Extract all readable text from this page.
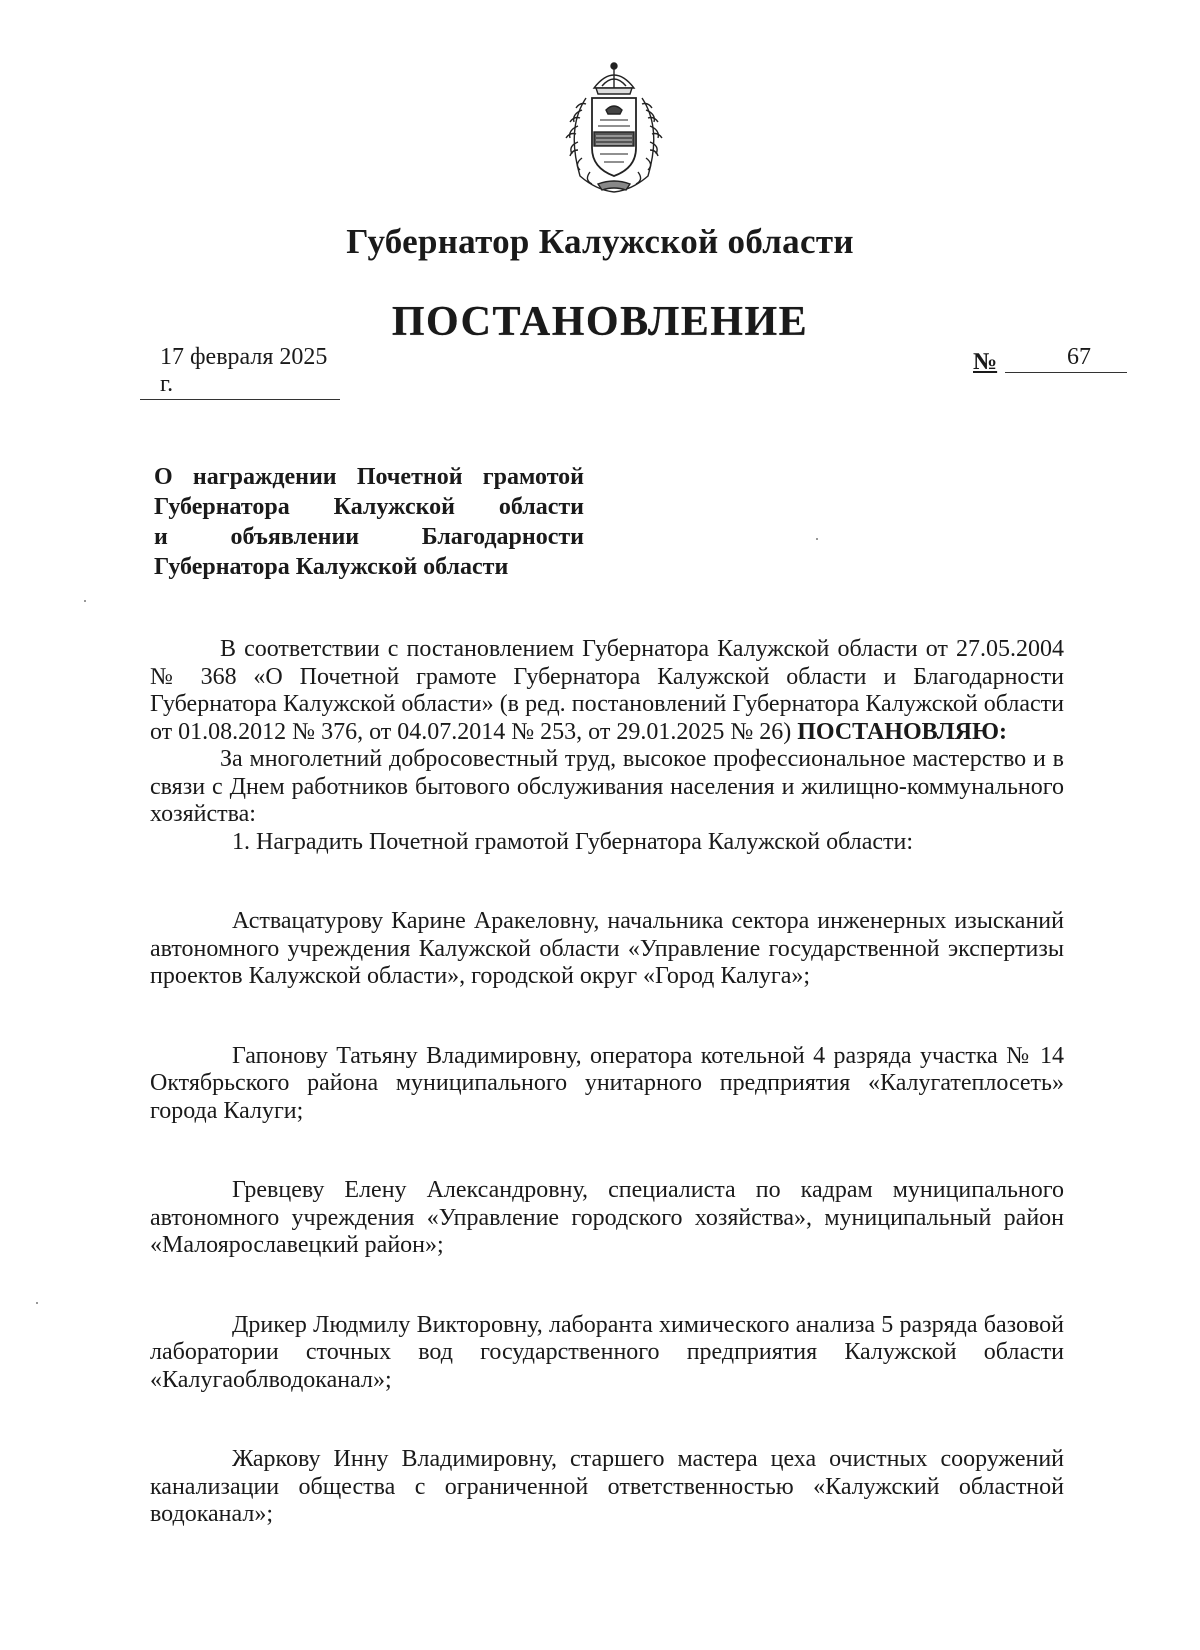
Губернатор Калужской области
ПОСТАНОВЛЕНИЕ
17 февраля 2025 г.
№	67
О награждении Почетной грамотой
Губернатора Калужской области
и объявлении Благодарности
Губернатора Калужской области

В соответствии с постановлением Губернатора Калужской области от 27.05.2004 № 368 «О Почетной грамоте Губернатора Калужской области и Благодарности Губернатора Калужской области» (в ред. постановлений Губернатора Калужской области от 01.08.2012 № 376, от 04.07.2014 № 253, от 29.01.2025 № 26) ПОСТАНОВЛЯЮ:

За многолетний добросовестный труд, высокое профессиональное мастерство и в связи с Днем работников бытового обслуживания населения и жилищно-коммунального хозяйства:

1. Наградить Почетной грамотой Губернатора Калужской области:

Аствацатурову Карине Аракеловну, начальника сектора инженерных изысканий автономного учреждения Калужской области «Управление государственной экспертизы проектов Калужской области», городской округ «Город Калуга»;

Гапонову Татьяну Владимировну, оператора котельной 4 разряда участка № 14 Октябрьского района муниципального унитарного предприятия «Калугатеплосеть» города Калуги;

Гревцеву Елену Александровну, специалиста по кадрам муниципального автономного учреждения «Управление городского хозяйства», муниципальный район «Малоярославецкий район»;

Дрикер Людмилу Викторовну, лаборанта химического анализа 5 разряда базовой лаборатории сточных вод государственного предприятия Калужской области «Калугаоблводоканал»;

Жаркову Инну Владимировну, старшего мастера цеха очистных сооружений канализации общества с ограниченной ответственностью «Калужский областной водоканал»;
